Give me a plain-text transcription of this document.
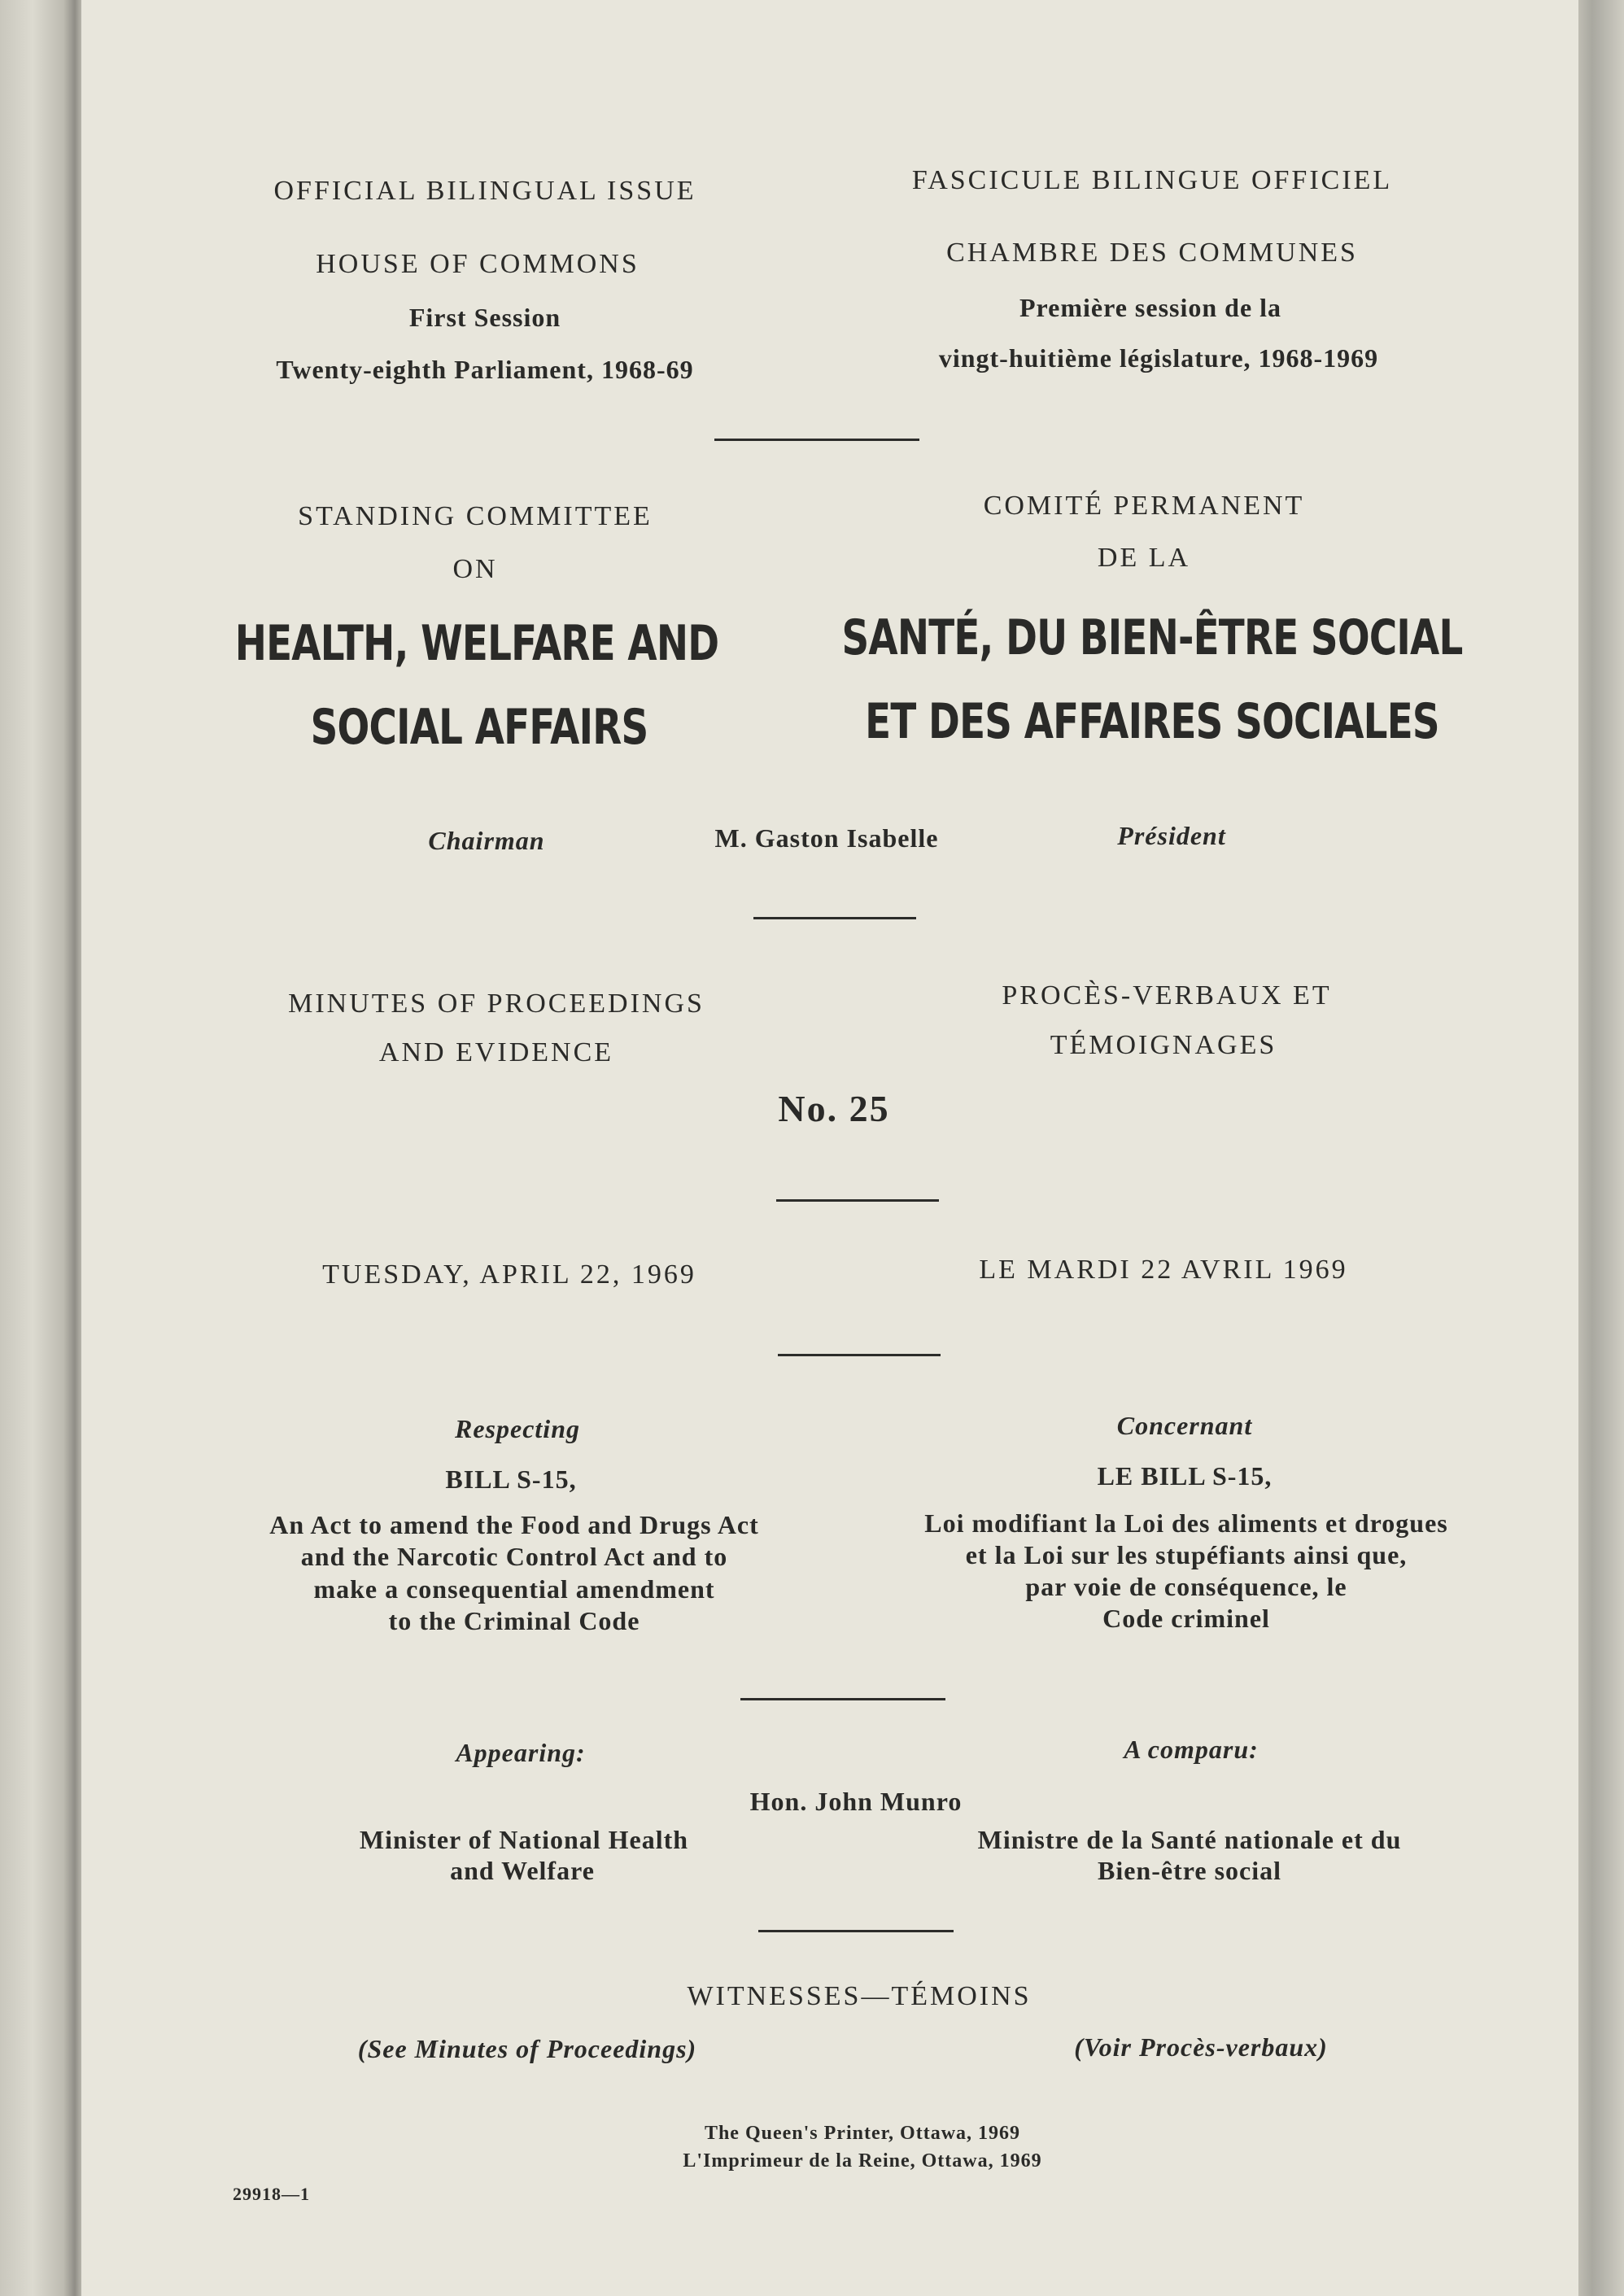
OFFICIAL BILINGUAL ISSUE	FASCICULE BILINGUE OFFICIEL
HOUSE OF COMMONS	CHAMBRE DES COMMUNES
First Session	Première session de la
Twenty-eighth Parliament, 1968-69	vingt-huitième législature, 1968-1969
STANDING COMMITTEE
ON
COMITÉ PERMANENT
DE LA
HEALTH, WELFARE AND
SOCIAL AFFAIRS
SANTÉ, DU BIEN-ÊTRE SOCIAL
ET DES AFFAIRES SOCIALES
Chairman	M. Gaston Isabelle	Président
MINUTES OF PROCEEDINGS
AND EVIDENCE
PROCÈS-VERBAUX ET
TÉMOIGNAGES
No. 25
TUESDAY, APRIL 22, 1969	LE MARDI 22 AVRIL 1969
Respecting	Concernant
BILL S-15,	LE BILL S-15,
An Act to amend the Food and Drugs Act
and the Narcotic Control Act and to
make a consequential amendment
to the Criminal Code
Loi modifiant la Loi des aliments et drogues
et la Loi sur les stupéfiants ainsi que,
par voie de conséquence, le
Code criminel
Appearing:	A comparu:
Hon. John Munro
Minister of National Health
and Welfare
Ministre de la Santé nationale et du
Bien-être social
WITNESSES—TÉMOINS
(See Minutes of Proceedings)	(Voir Procès-verbaux)
The Queen's Printer, Ottawa, 1969
L'Imprimeur de la Reine, Ottawa, 1969
29918—1
